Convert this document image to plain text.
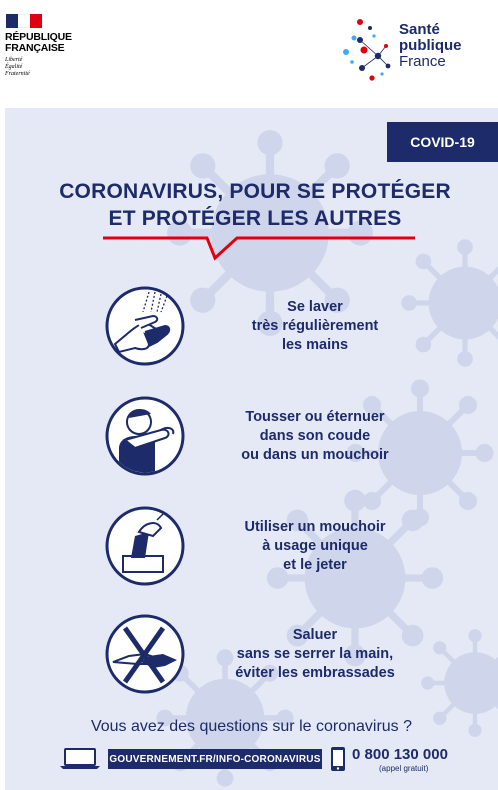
RÉPUBLIQUE
FRANÇAISE
Liberté
Égalité
Fraternité
Santé
publique
France
COVID-19
CORONAVIRUS, POUR SE PROTÉGER
ET PROTÉGER LES AUTRES
Se laver
très régulièrement
les mains
Tousser ou éternuer
dans son coude
ou dans un mouchoir
Utiliser un mouchoir
à usage unique
et le jeter
Saluer
sans se serrer la main,
éviter les embrassades
Vous avez des questions sur le coronavirus ?
GOUVERNEMENT.FR/INFO-CORONAVIRUS 0 800 130 000
(appel gratuit)
